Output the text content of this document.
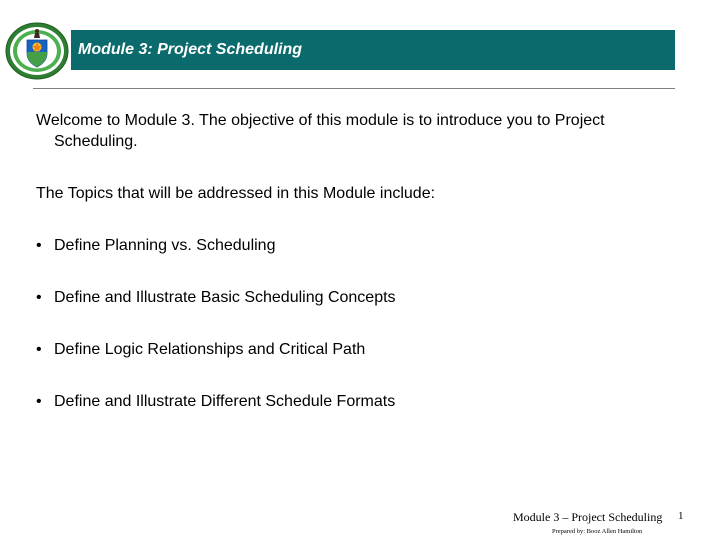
Module 3: Project Scheduling

Welcome to Module 3. The objective of this module is to introduce you to Project Scheduling.

The Topics that will be addressed in this Module include:

• Define Planning vs. Scheduling
• Define and Illustrate Basic Scheduling Concepts
• Define Logic Relationships and Critical Path
• Define and Illustrate Different Schedule Formats
Module 3 – Project Scheduling
Prepared by: Booz Allen Hamilton
1
